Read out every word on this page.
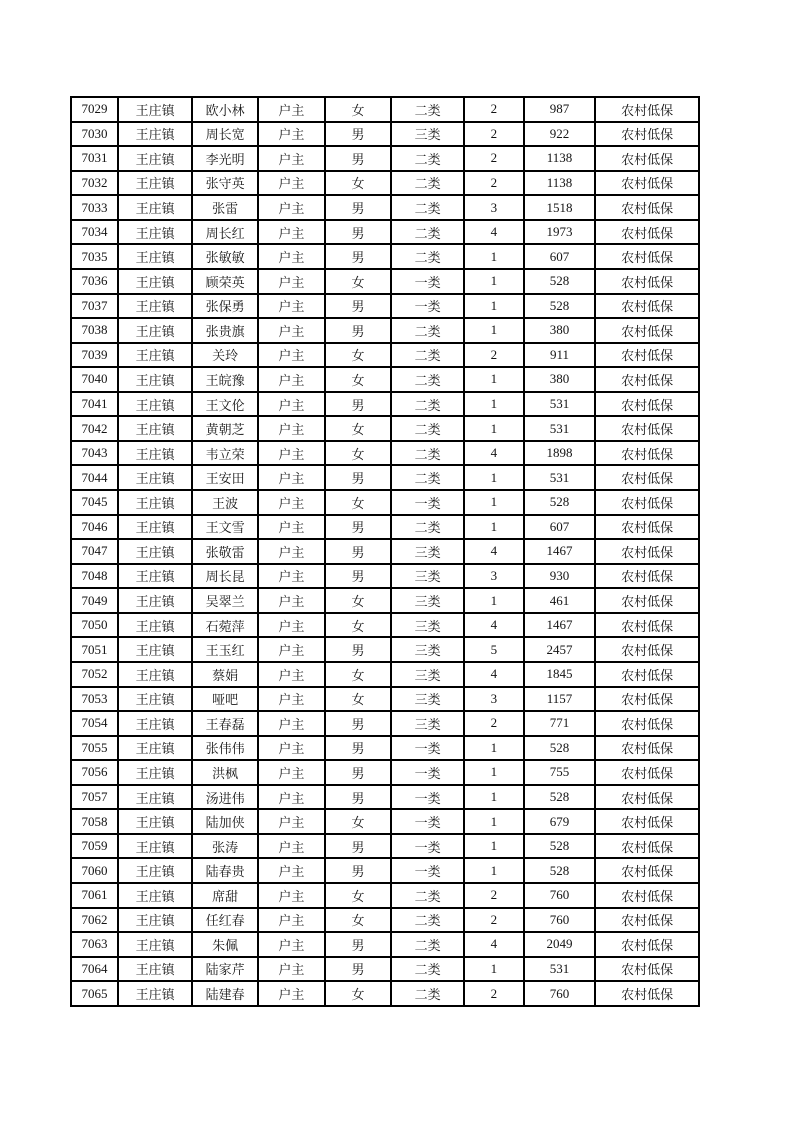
7029	王庄镇	欧小林	户主	女	二类	2	987	农村低保
7030	王庄镇	周长宽	户主	男	三类	2	922	农村低保
7031	王庄镇	李光明	户主	男	二类	2	1138	农村低保
7032	王庄镇	张守英	户主	女	二类	2	1138	农村低保
7033	王庄镇	张雷	户主	男	二类	3	1518	农村低保
7034	王庄镇	周长红	户主	男	二类	4	1973	农村低保
7035	王庄镇	张敏敏	户主	男	二类	1	607	农村低保
7036	王庄镇	顾荣英	户主	女	一类	1	528	农村低保
7037	王庄镇	张保勇	户主	男	一类	1	528	农村低保
7038	王庄镇	张贵旗	户主	男	二类	1	380	农村低保
7039	王庄镇	关玲	户主	女	二类	2	911	农村低保
7040	王庄镇	王皖豫	户主	女	二类	1	380	农村低保
7041	王庄镇	王文伦	户主	男	二类	1	531	农村低保
7042	王庄镇	黄朝芝	户主	女	二类	1	531	农村低保
7043	王庄镇	韦立荣	户主	女	二类	4	1898	农村低保
7044	王庄镇	王安田	户主	男	二类	1	531	农村低保
7045	王庄镇	王波	户主	女	一类	1	528	农村低保
7046	王庄镇	王文雪	户主	男	二类	1	607	农村低保
7047	王庄镇	张敬雷	户主	男	三类	4	1467	农村低保
7048	王庄镇	周长昆	户主	男	三类	3	930	农村低保
7049	王庄镇	吴翠兰	户主	女	三类	1	461	农村低保
7050	王庄镇	石菀萍	户主	女	三类	4	1467	农村低保
7051	王庄镇	王玉红	户主	男	三类	5	2457	农村低保
7052	王庄镇	蔡娟	户主	女	三类	4	1845	农村低保
7053	王庄镇	哑吧	户主	女	三类	3	1157	农村低保
7054	王庄镇	王春磊	户主	男	三类	2	771	农村低保
7055	王庄镇	张伟伟	户主	男	一类	1	528	农村低保
7056	王庄镇	洪枫	户主	男	一类	1	755	农村低保
7057	王庄镇	汤进伟	户主	男	一类	1	528	农村低保
7058	王庄镇	陆加侠	户主	女	一类	1	679	农村低保
7059	王庄镇	张涛	户主	男	一类	1	528	农村低保
7060	王庄镇	陆春贵	户主	男	一类	1	528	农村低保
7061	王庄镇	席甜	户主	女	二类	2	760	农村低保
7062	王庄镇	任红春	户主	女	二类	2	760	农村低保
7063	王庄镇	朱佩	户主	男	二类	4	2049	农村低保
7064	王庄镇	陆家芹	户主	男	二类	1	531	农村低保
7065	王庄镇	陆建春	户主	女	二类	2	760	农村低保
